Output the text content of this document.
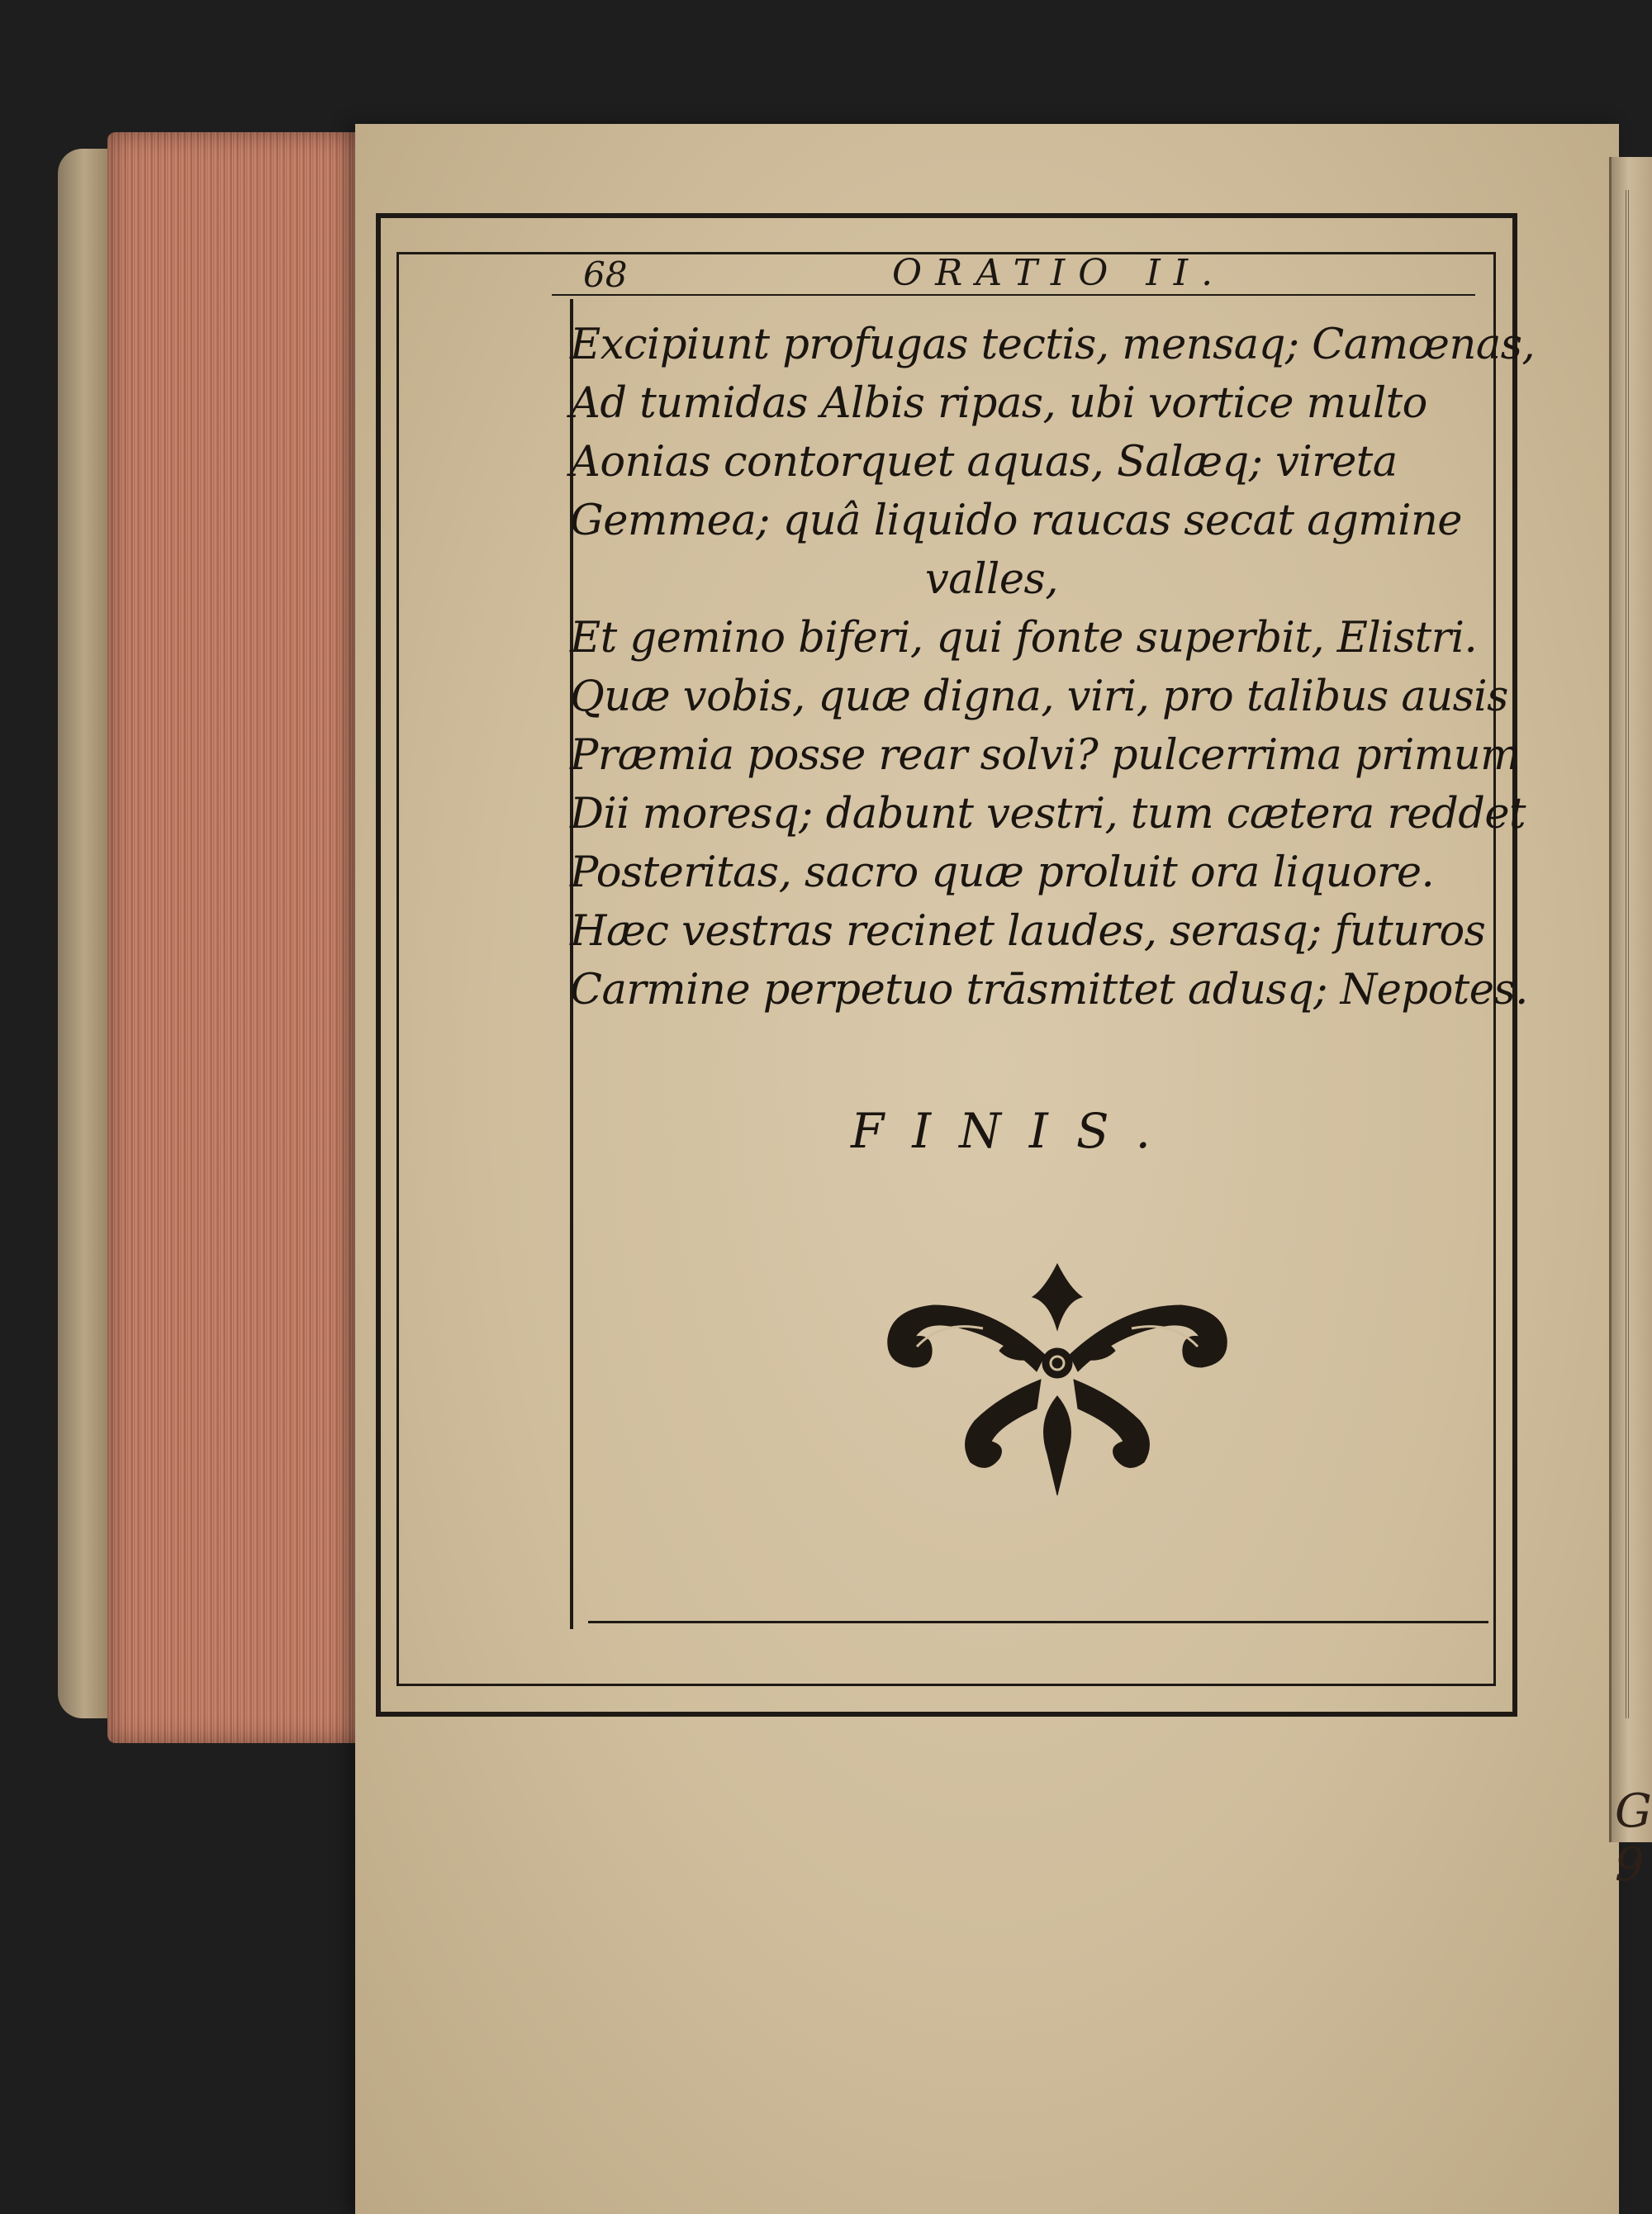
G 9
68	ORATIO II.
Excipiunt profugas tectis, mensaq; Camœnas,
Ad tumidas Albis ripas, ubi vortice multo
Aonias contorquet aquas, Salæq; vireta
Gemmea; quâ liquido raucas secat agmine
valles,
Et gemino biferi, qui fonte superbit, Elistri.
Quæ vobis, quæ digna, viri, pro talibus ausis
Præmia posse rear solvi? pulcerrima primum
Dii moresq; dabunt vestri, tum cætera reddet
Posteritas, sacro quæ proluit ora liquore.
Hæc vestras recinet laudes, serasq; futuros
Carmine perpetuo trāsmittet adusq; Nepotes.
FINIS.
